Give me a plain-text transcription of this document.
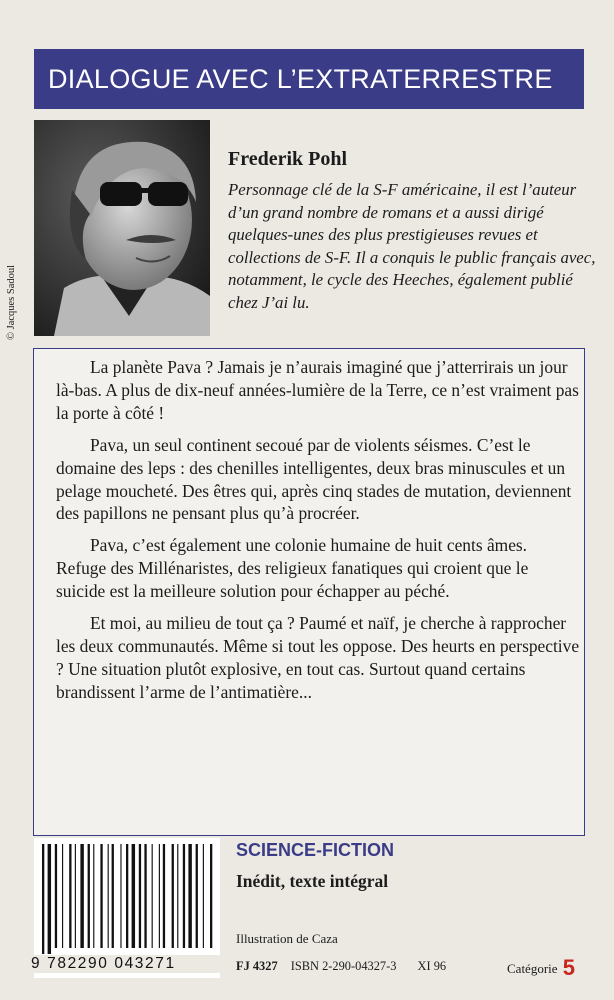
DIALOGUE AVEC L’EXTRATERRESTRE
© Jacques Sadoul

Frederik Pohl

Personnage clé de la S-F américaine, il est l’auteur d’un grand nombre de romans et a aussi dirigé quelques-unes des plus prestigieuses revues et collections de S-F. Il a conquis le public français avec, notamment, le cycle des Heeches, également publié chez J’ai lu.

La planète Pava ? Jamais je n’aurais imaginé que j’atterrirais un jour là-bas. A plus de dix-neuf années-lumière de la Terre, ce n’est vraiment pas la porte à côté !

Pava, un seul continent secoué par de violents séismes. C’est le domaine des leps : des chenilles intelligentes, deux bras minuscules et un pelage moucheté. Des êtres qui, après cinq stades de mutation, deviennent des papillons ne pensant plus qu’à procréer.

Pava, c’est également une colonie humaine de huit cents âmes. Refuge des Millénaristes, des religieux fanatiques qui croient que le suicide est la meilleure solution pour échapper au péché.

Et moi, au milieu de tout ça ? Paumé et naïf, je cherche à rapprocher les deux communautés. Même si tout les oppose. Des heurts en perspective ? Une situation plutôt explosive, en tout cas. Surtout quand certains brandissent l’arme de l’antimatière...

9 782290 043271
SCIENCE-FICTION
Inédit, texte intégral
Illustration de Caza
FJ 4327 ISBN 2-290-04327-3 XI 96	Catégorie 5
